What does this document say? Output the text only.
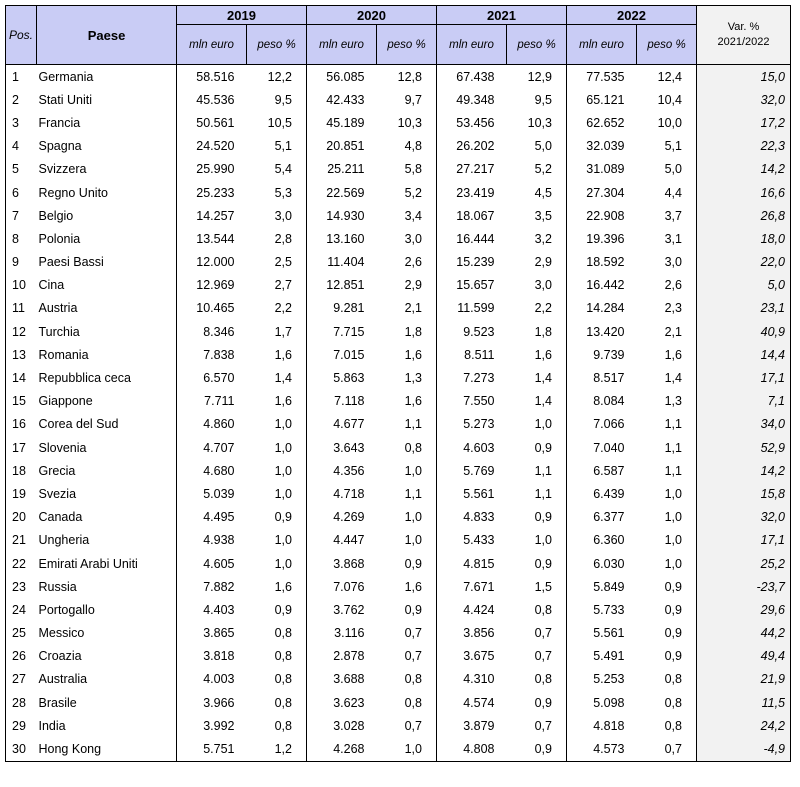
Pos.	Paese	2019		2020		2021		2022		Var. %
2021/2022
		mln euro	peso %	mln euro	peso %	mln euro	peso %	mln euro	peso %	
1	Germania	58.516	12,2	56.085	12,8	67.438	12,9	77.535	12,4	15,0
2	Stati Uniti	45.536	9,5	42.433	9,7	49.348	9,5	65.121	10,4	32,0
3	Francia	50.561	10,5	45.189	10,3	53.456	10,3	62.652	10,0	17,2
4	Spagna	24.520	5,1	20.851	4,8	26.202	5,0	32.039	5,1	22,3
5	Svizzera	25.990	5,4	25.211	5,8	27.217	5,2	31.089	5,0	14,2
6	Regno Unito	25.233	5,3	22.569	5,2	23.419	4,5	27.304	4,4	16,6
7	Belgio	14.257	3,0	14.930	3,4	18.067	3,5	22.908	3,7	26,8
8	Polonia	13.544	2,8	13.160	3,0	16.444	3,2	19.396	3,1	18,0
9	Paesi Bassi	12.000	2,5	11.404	2,6	15.239	2,9	18.592	3,0	22,0
10	Cina	12.969	2,7	12.851	2,9	15.657	3,0	16.442	2,6	5,0
11	Austria	10.465	2,2	9.281	2,1	11.599	2,2	14.284	2,3	23,1
12	Turchia	8.346	1,7	7.715	1,8	9.523	1,8	13.420	2,1	40,9
13	Romania	7.838	1,6	7.015	1,6	8.511	1,6	9.739	1,6	14,4
14	Repubblica ceca	6.570	1,4	5.863	1,3	7.273	1,4	8.517	1,4	17,1
15	Giappone	7.711	1,6	7.118	1,6	7.550	1,4	8.084	1,3	7,1
16	Corea del Sud	4.860	1,0	4.677	1,1	5.273	1,0	7.066	1,1	34,0
17	Slovenia	4.707	1,0	3.643	0,8	4.603	0,9	7.040	1,1	52,9
18	Grecia	4.680	1,0	4.356	1,0	5.769	1,1	6.587	1,1	14,2
19	Svezia	5.039	1,0	4.718	1,1	5.561	1,1	6.439	1,0	15,8
20	Canada	4.495	0,9	4.269	1,0	4.833	0,9	6.377	1,0	32,0
21	Ungheria	4.938	1,0	4.447	1,0	5.433	1,0	6.360	1,0	17,1
22	Emirati Arabi Uniti	4.605	1,0	3.868	0,9	4.815	0,9	6.030	1,0	25,2
23	Russia	7.882	1,6	7.076	1,6	7.671	1,5	5.849	0,9	-23,7
24	Portogallo	4.403	0,9	3.762	0,9	4.424	0,8	5.733	0,9	29,6
25	Messico	3.865	0,8	3.116	0,7	3.856	0,7	5.561	0,9	44,2
26	Croazia	3.818	0,8	2.878	0,7	3.675	0,7	5.491	0,9	49,4
27	Australia	4.003	0,8	3.688	0,8	4.310	0,8	5.253	0,8	21,9
28	Brasile	3.966	0,8	3.623	0,8	4.574	0,9	5.098	0,8	11,5
29	India	3.992	0,8	3.028	0,7	3.879	0,7	4.818	0,8	24,2
30	Hong Kong	5.751	1,2	4.268	1,0	4.808	0,9	4.573	0,7	-4,9
